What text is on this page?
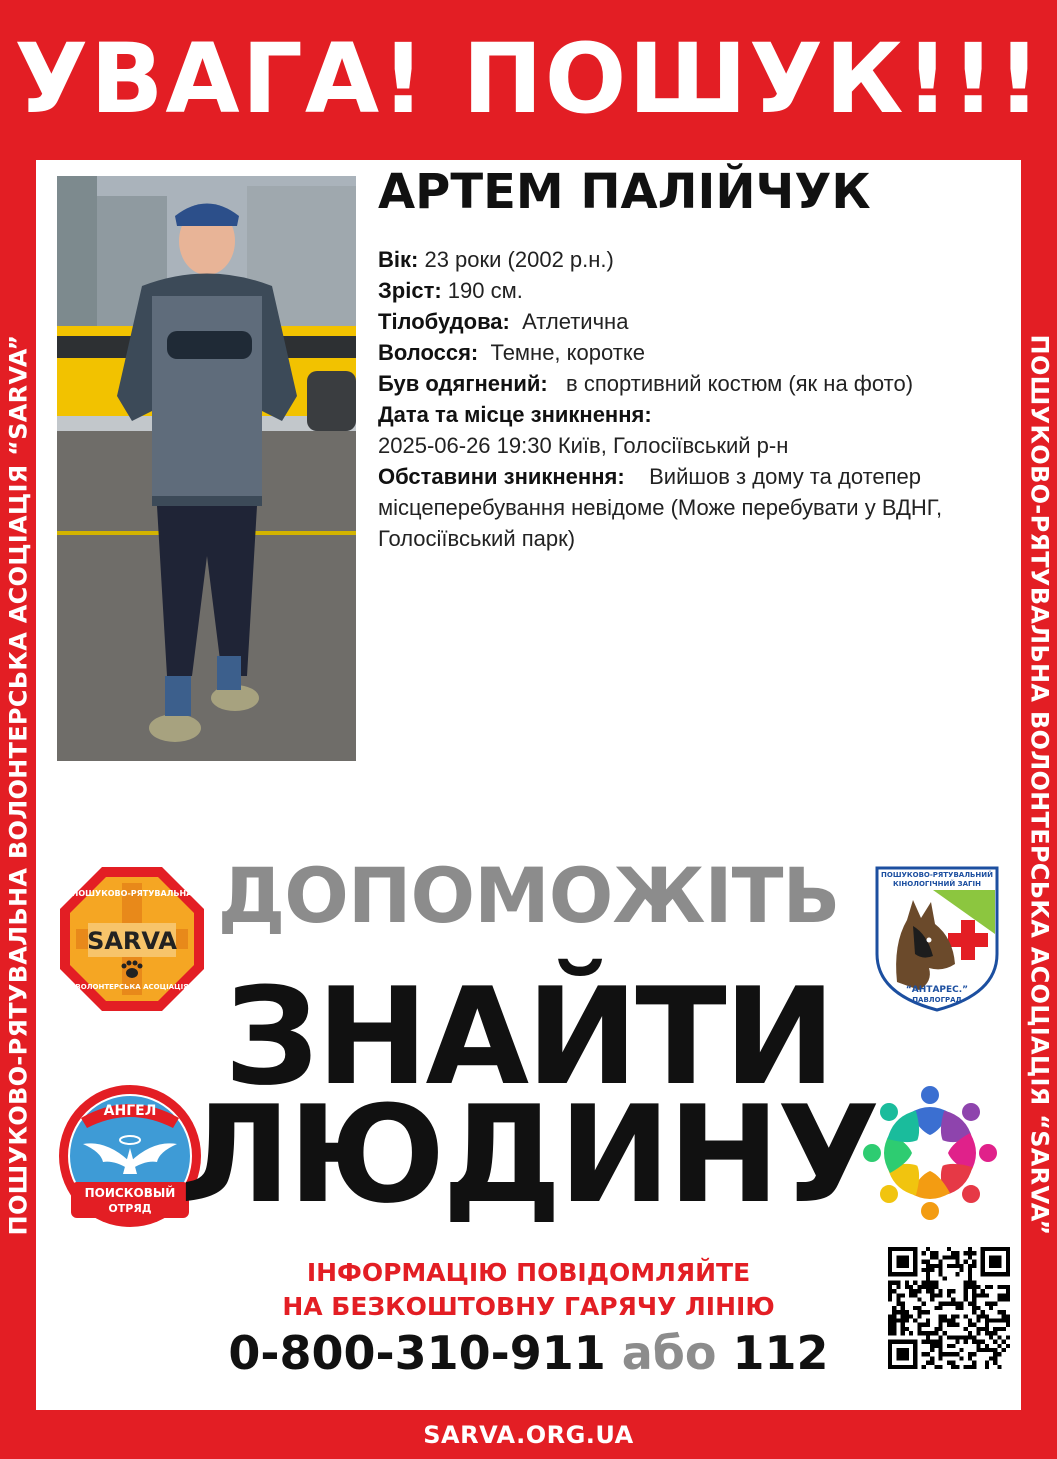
УВАГА! ПОШУК!!!
ПОШУКОВО-РЯТУВАЛЬНА ВОЛОНТЕРСЬКА АСОЦІАЦІЯ “SARVA”	ПОШУКОВО-РЯТУВАЛЬНА ВОЛОНТЕРСЬКА АСОЦІАЦІЯ “SARVA”
АРТЕМ ПАЛІЙЧУК
Вік: 23 роки (2002 р.н.)
Зріст: 190 см.
Тілобудова: Атлетична
Волосся: Темне, коротке
Був одягнений: в спортивний костюм (як на фото)
Дата та місце зникнення:
2025-06-26 19:30 Київ, Голосіївський р-н
Обставини зникнення: Вийшов з дому та дотепер місцеперебування невідоме (Може перебувати у ВДНГ, Голосіївський парк)
SARVA
ПОШУКОВО-РЯТУВАЛЬНА
ВОЛОНТЕРСЬКА АСОЦІАЦІЯ
ПОШУКОВО-РЯТУВАЛЬНИЙ
КІНОЛОГІЧНИЙ ЗАГІН
“АНТАРЕС.”
ПАВЛОГРАД
АНГЕЛ
ПОИСКОВЫЙ
ОТРЯД
ДОПОМОЖІТЬ
ЗНАЙТИ
ЛЮДИНУ
ІНФОРМАЦІЮ ПОВІДОМЛЯЙТЕ
НА БЕЗКОШТОВНУ ГАРЯЧУ ЛІНІЮ
0-800-310-911 або 112
SARVA.ORG.UA
